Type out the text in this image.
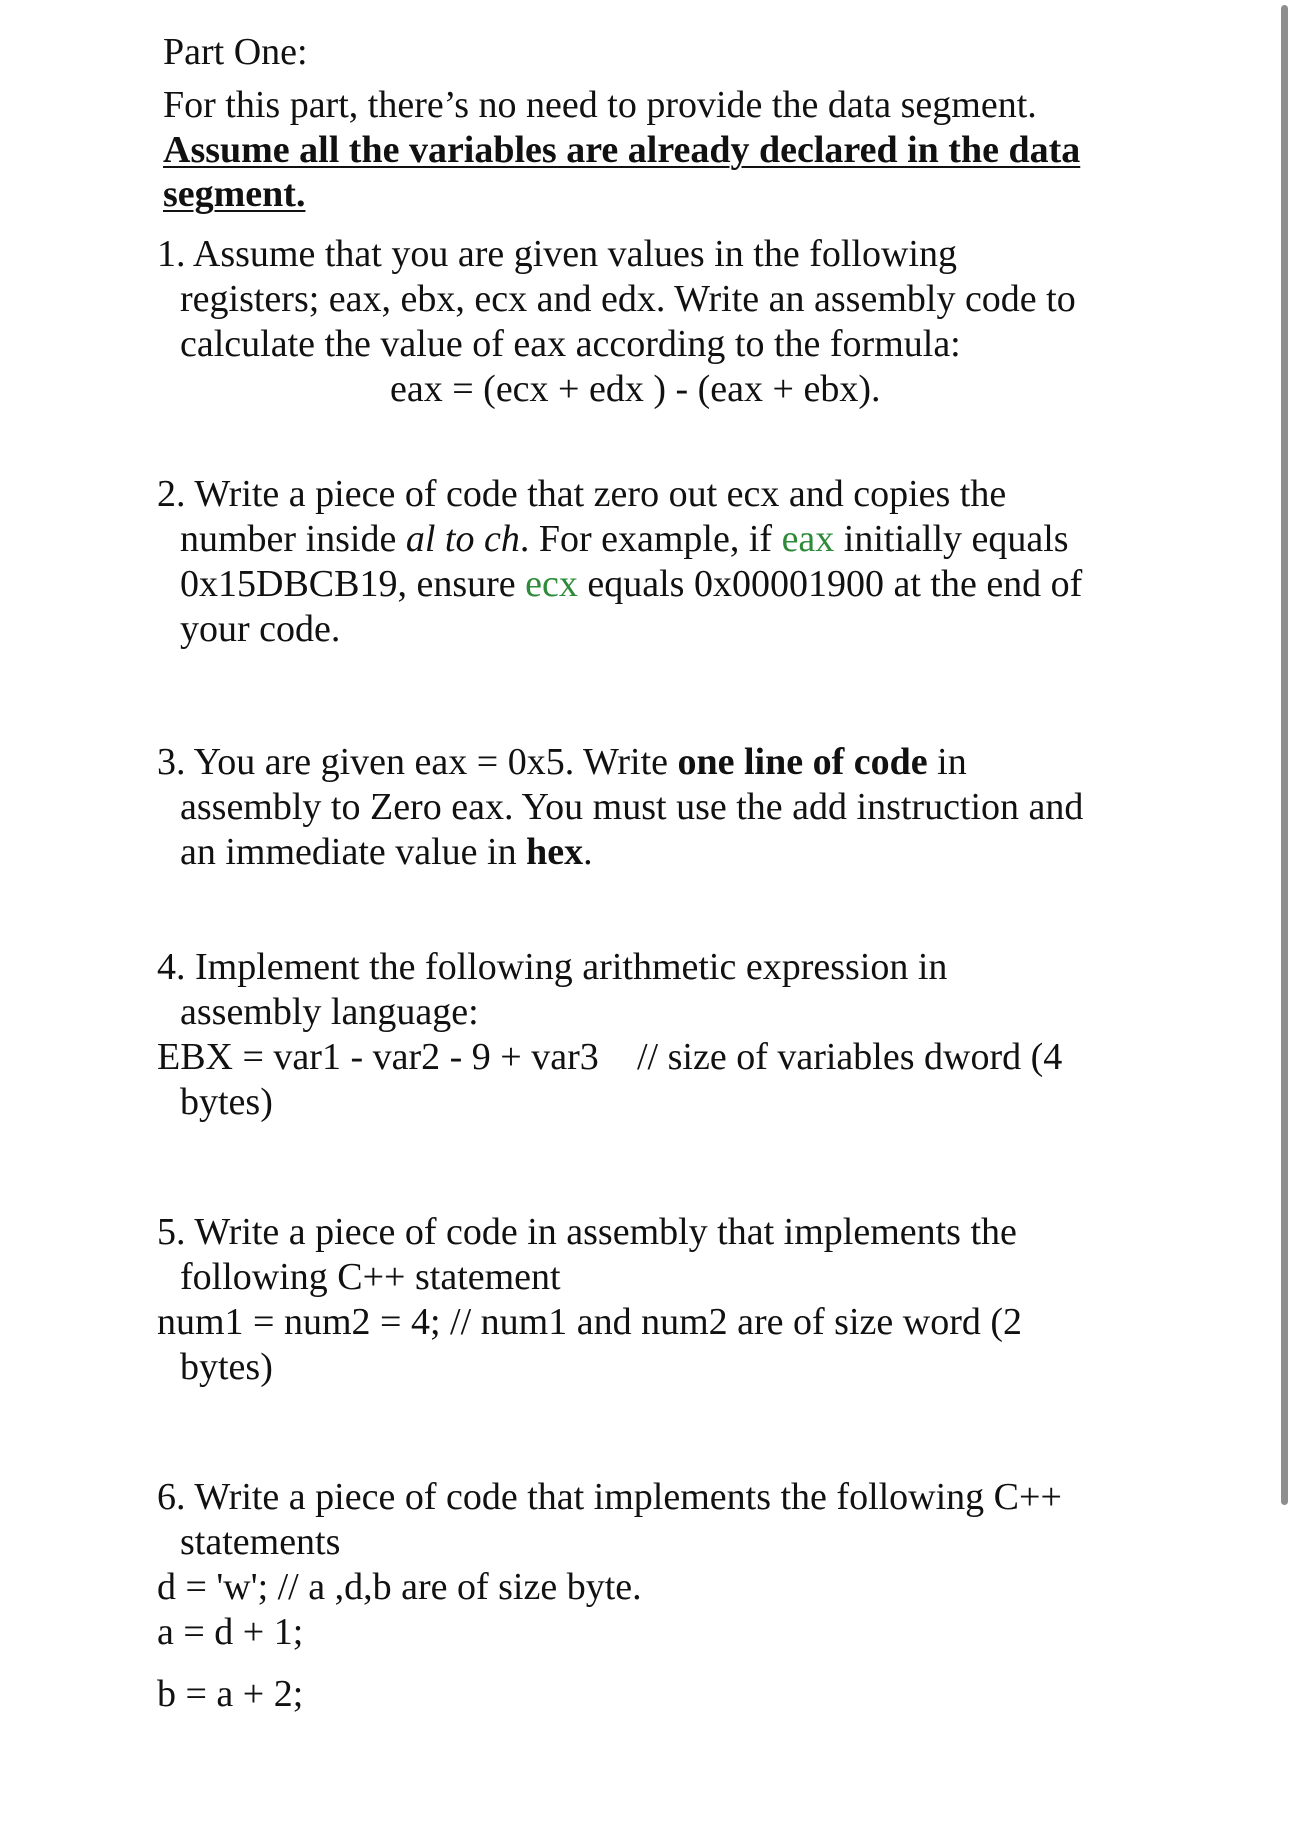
Part One:
For this part, there’s no need to provide the data segment.
Assume all the variables are already declared in the data
segment.
1. Assume that you are given values in the following
registers; eax, ebx, ecx and edx. Write an assembly code to
calculate the value of eax according to the formula:
eax = (ecx + edx ) - (eax + ebx).
2. Write a piece of code that zero out ecx and copies the
number inside al to ch. For example, if eax initially equals
0x15DBCB19, ensure ecx equals 0x00001900 at the end of
your code.
3. You are given eax = 0x5. Write one line of code in
assembly to Zero eax. You must use the add instruction and
an immediate value in hex.
4. Implement the following arithmetic expression in
assembly language:
EBX = var1 - var2 - 9 + var3 // size of variables dword (4
bytes)
5. Write a piece of code in assembly that implements the
following C++ statement
num1 = num2 = 4; // num1 and num2 are of size word (2
bytes)
6. Write a piece of code that implements the following C++
statements
d = 'w'; // a ,d,b are of size byte.
a = d + 1;
b = a + 2;
